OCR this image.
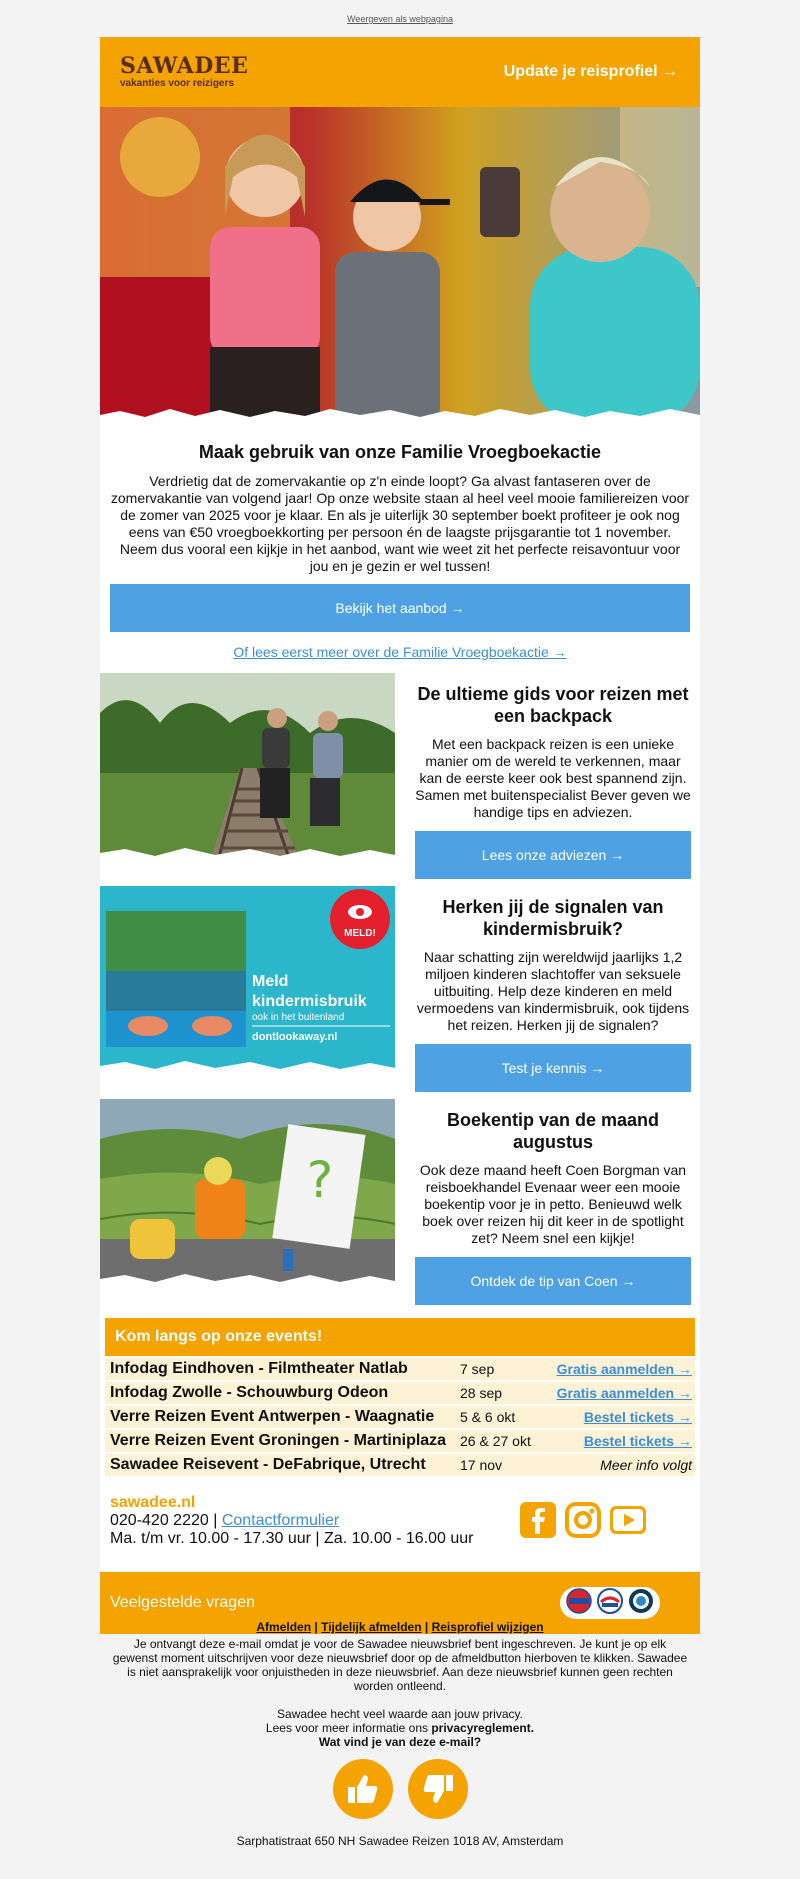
Weergeven als webpagina
SAWADEE
vakanties voor reizigers
Update je reisprofiel →
Maak gebruik van onze Familie Vroegboekactie

Verdrietig dat de zomervakantie op z'n einde loopt? Ga alvast fantaseren over de zomervakantie van volgend jaar! Op onze website staan al heel veel mooie familiereizen voor de zomer van 2025 voor je klaar. En als je uiterlijk 30 september boekt profiteer je ook nog eens van €50 vroegboekkorting per persoon én de laagste prijsgarantie tot 1 november. Neem dus vooral een kijkje in het aanbod, want wie weet zit het perfecte reisavontuur voor jou en je gezin er wel tussen!

Bekijk het aanbod →
Of lees eerst meer over de Familie Vroegboekactie →
De ultieme gids voor reizen met een backpack

Met een backpack reizen is een unieke manier om de wereld te verkennen, maar kan de eerste keer ook best spannend zijn. Samen met buitenspecialist Bever geven we handige tips en adviezen.

Lees onze adviezen →
MELD!
Meld
kindermisbruik
ook in het buitenland
dontlookaway.nl
Herken jij de signalen van kindermisbruik?

Naar schatting zijn wereldwijd jaarlijks 1,2 miljoen kinderen slachtoffer van seksuele uitbuiting. Help deze kinderen en meld vermoedens van kindermisbruik, ook tijdens het reizen. Herken jij de signalen?

Test je kennis →
?
Boekentip van de maand augustus

Ook deze maand heeft Coen Borgman van reisboekhandel Evenaar weer een mooie boekentip voor je in petto. Benieuwd welk boek over reizen hij dit keer in de spotlight zet? Neem snel een kijkje!

Ontdek de tip van Coen →
Kom langs op onze events!
Infodag Eindhoven - Filmtheater Natlab	7 sep	Gratis aanmelden →
Infodag Zwolle - Schouwburg Odeon	28 sep	Gratis aanmelden →
Verre Reizen Event Antwerpen - Waagnatie	5 & 6 okt	Bestel tickets →
Verre Reizen Event Groningen - Martiniplaza 26 & 27 okt	Bestel tickets →
Sawadee Reisevent - DeFabrique, Utrecht	17 nov	Meer info volgt
sawadee.nl
020-420 2220 | Contactformulier
Ma. t/m vr. 10.00 - 17.30 uur | Za. 10.00 - 16.00 uur
Veelgestelde vragen
Afmelden | Tijdelijk afmelden | Reisprofiel wijzigen
Je ontvangt deze e-mail omdat je voor de Sawadee nieuwsbrief bent ingeschreven. Je kunt je op elk gewenst moment uitschrijven voor deze nieuwsbrief door op de afmeldbutton hierboven te klikken. Sawadee is niet aansprakelijk voor onjuistheden in deze nieuwsbrief. Aan deze nieuwsbrief kunnen geen rechten worden ontleend.
Sawadee hecht veel waarde aan jouw privacy.
Lees voor meer informatie ons privacyreglement.
Wat vind je van deze e-mail?
Sarphatistraat 650 NH Sawadee Reizen 1018 AV, Amsterdam
